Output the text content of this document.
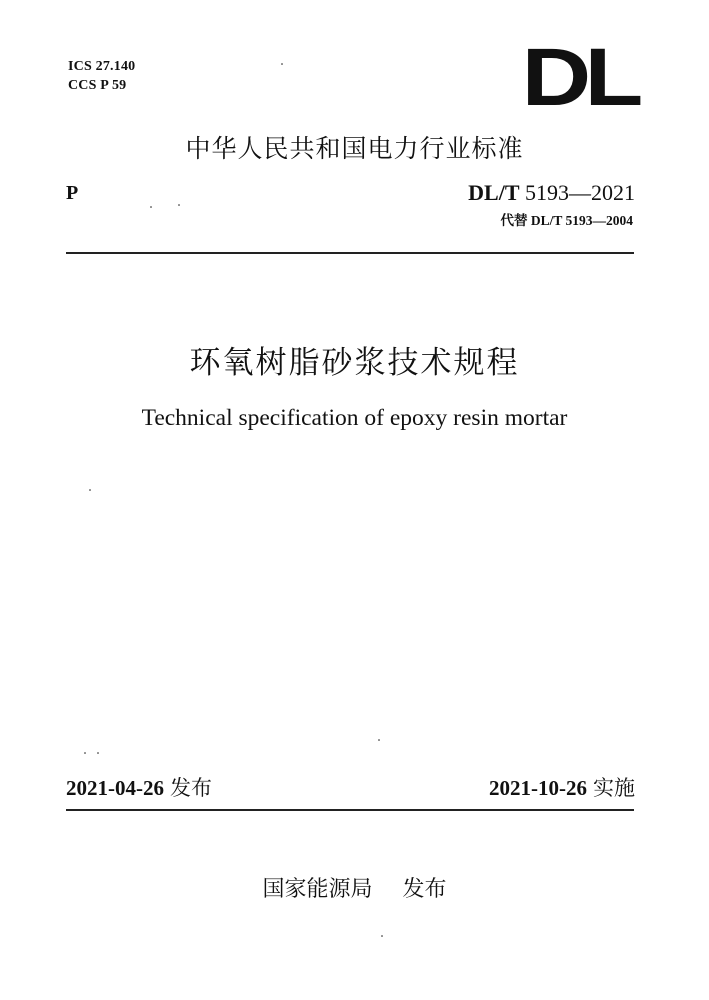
ICS 27.140
CCS P 59	DL
中华人民共和国电力行业标准
P	DL/T 5193—2021
代替 DL/T 5193—2004
环氧树脂砂浆技术规程
Technical specification of epoxy resin mortar
2021-04-26 发布	2021-10-26 实施
国家能源局 发布
